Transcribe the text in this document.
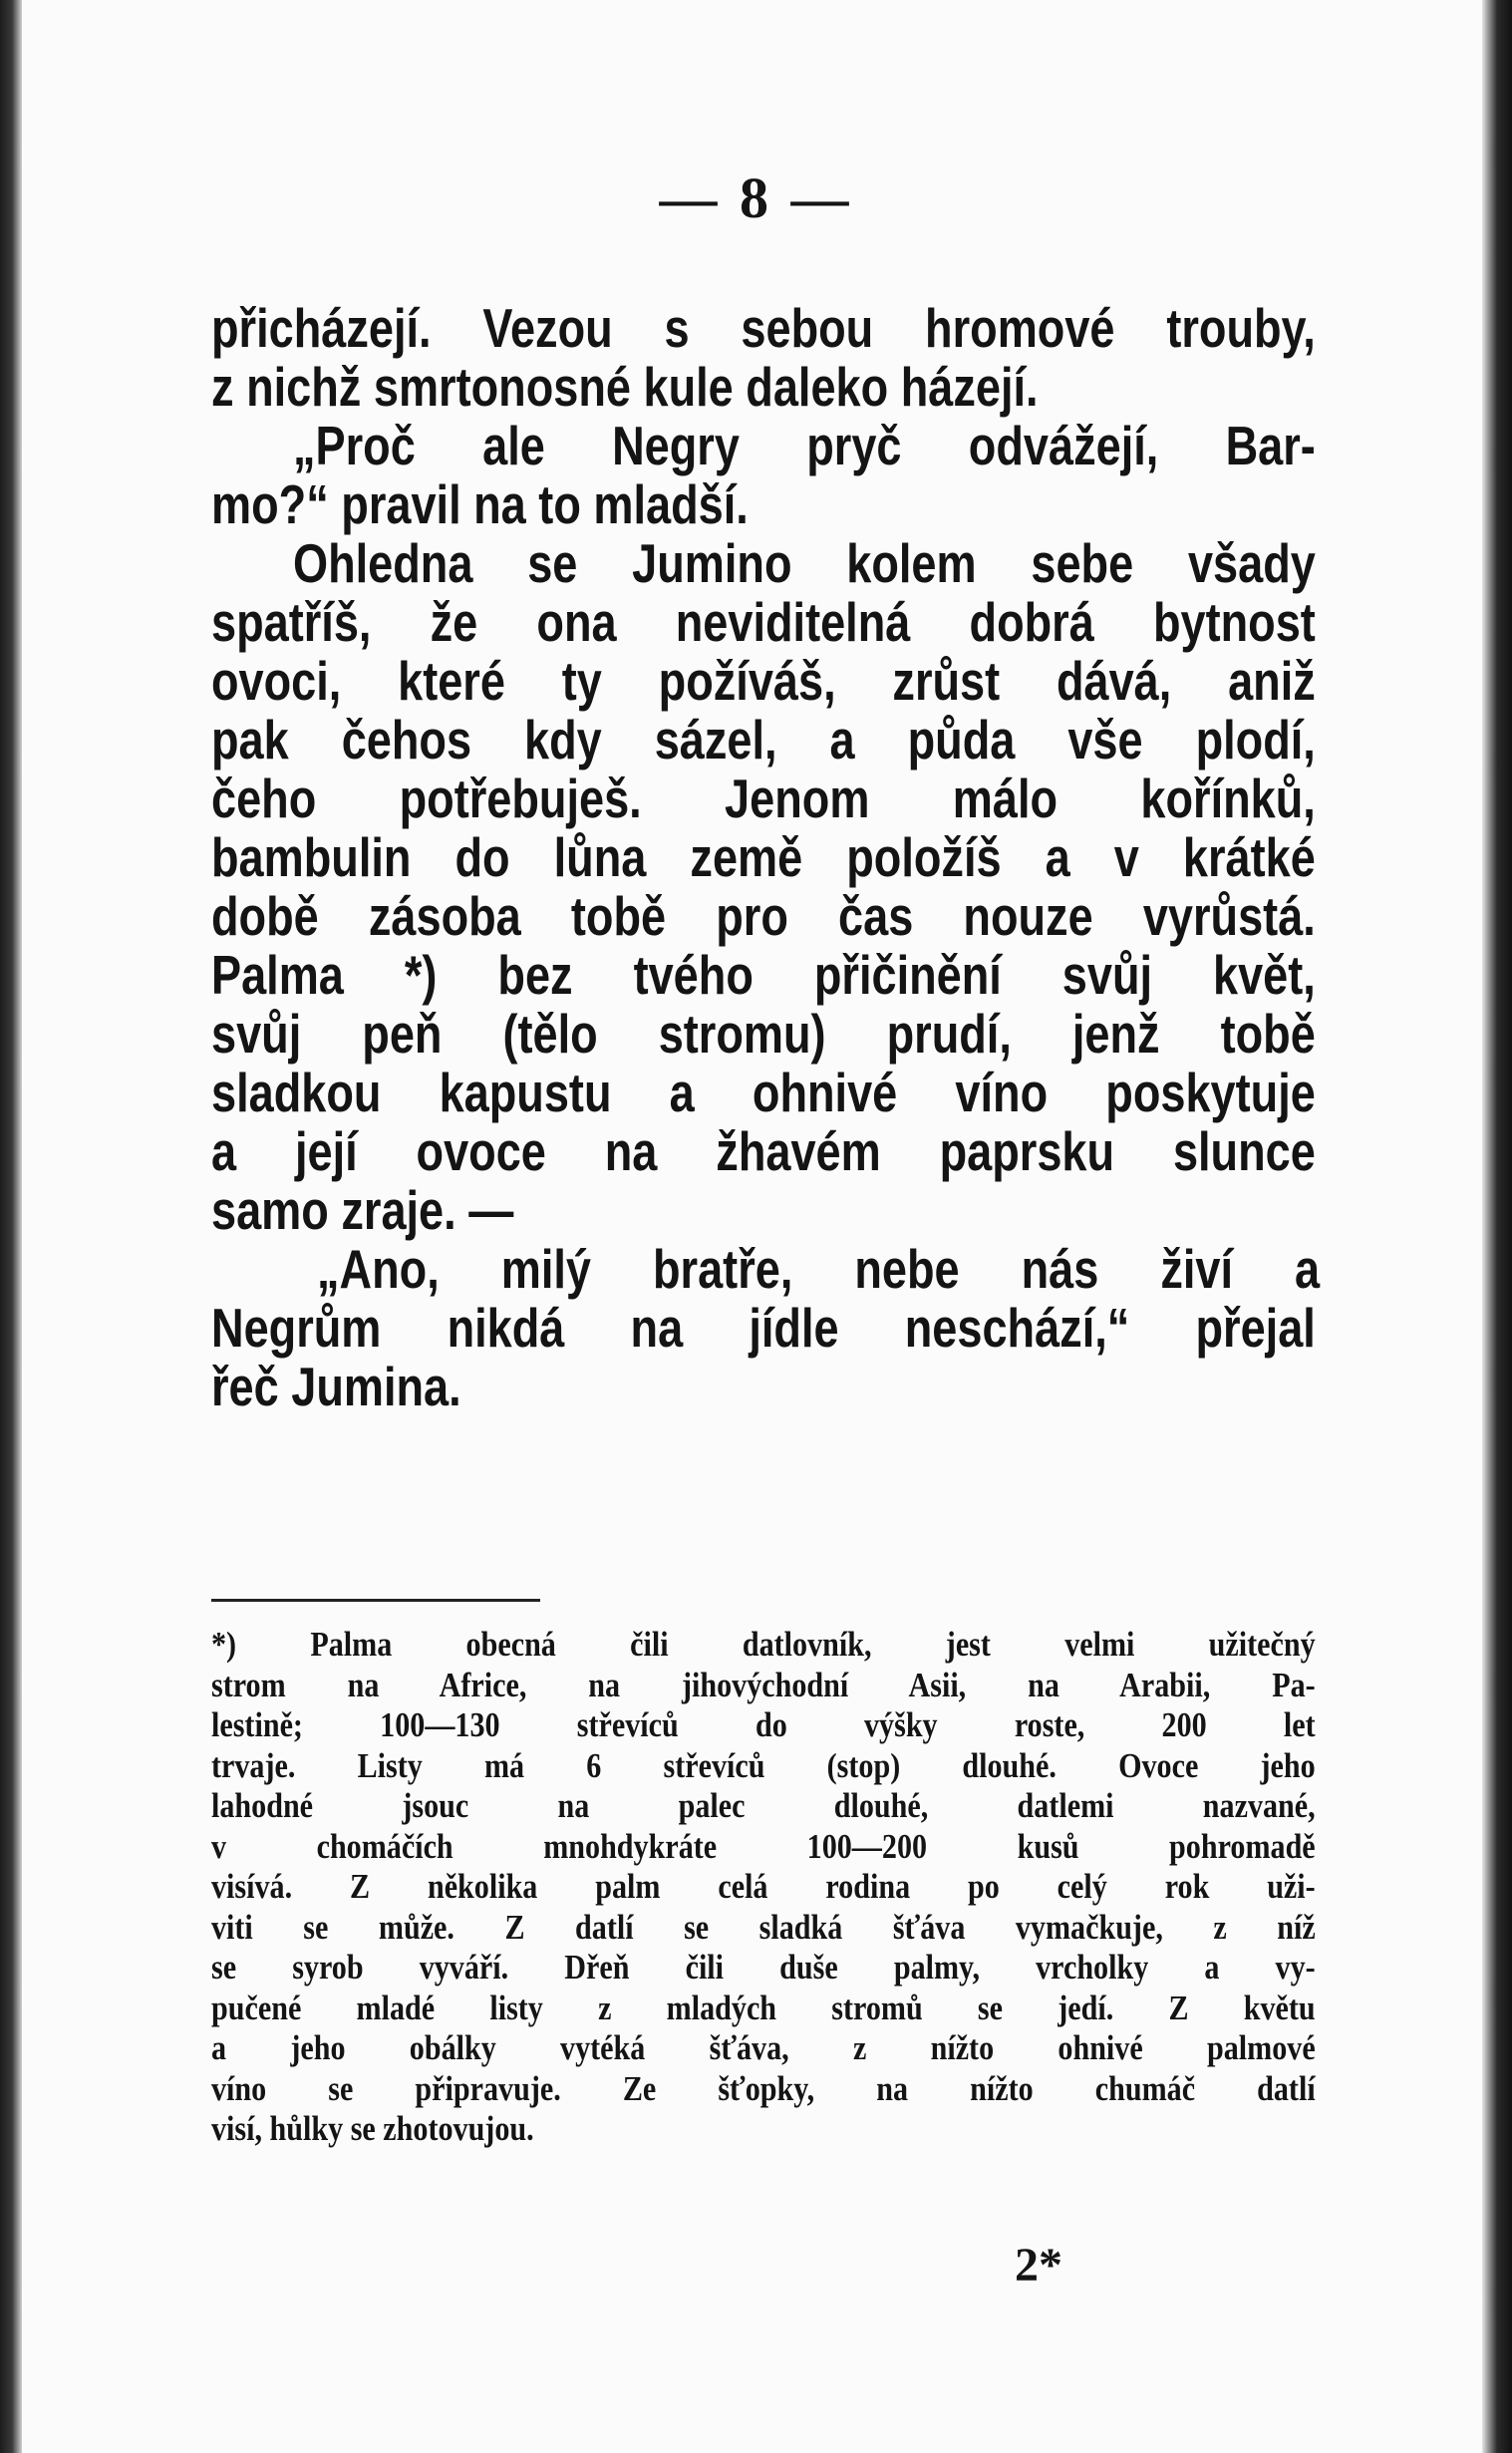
— 8 —
přicházejí. Vezou s sebou hromové trouby,
z nichž smrtonosné kule daleko házejí.
„Proč ale Negry pryč odvážejí, Bar-
mo?“ pravil na to mladší.
Ohledna se Jumino kolem sebe všady
spatříš, že ona neviditelná dobrá bytnost
ovoci, které ty požíváš, zrůst dává, aniž
pak čehos kdy sázel, a půda vše plodí,
čeho potřebuješ. Jenom málo kořínků,
bambulin do lůna země položíš a v krátké
době zásoba tobě pro čas nouze vyrůstá.
Palma *) bez tvého přičinění svůj květ,
svůj peň (tělo stromu) prudí, jenž tobě
sladkou kapustu a ohnivé víno poskytuje
a její ovoce na žhavém paprsku slunce
samo zraje. —
„Ano, milý bratře, nebe nás živí a
Negrům nikdá na jídle neschází,“ přejal
řeč Jumina.
*) Palma obecná čili datlovník, jest velmi užitečný
strom na Africe, na jihovýchodní Asii, na Arabii, Pa-
lestině; 100—130 střevíců do výšky roste, 200 let
trvaje. Listy má 6 střevíců (stop) dlouhé. Ovoce jeho
lahodné jsouc na palec dlouhé, datlemi nazvané,
v chomáčích mnohdykráte 100—200 kusů pohromadě
visívá. Z několika palm celá rodina po celý rok uži-
viti se může. Z datlí se sladká šťáva vymačkuje, z níž
se syrob vyváří. Dřeň čili duše palmy, vrcholky a vy-
pučené mladé listy z mladých stromů se jedí. Z květu
a jeho obálky vytéká šťáva, z nížto ohnivé palmové
víno se připravuje. Ze šťopky, na nížto chumáč datlí
visí, hůlky se zhotovujou.
2*
